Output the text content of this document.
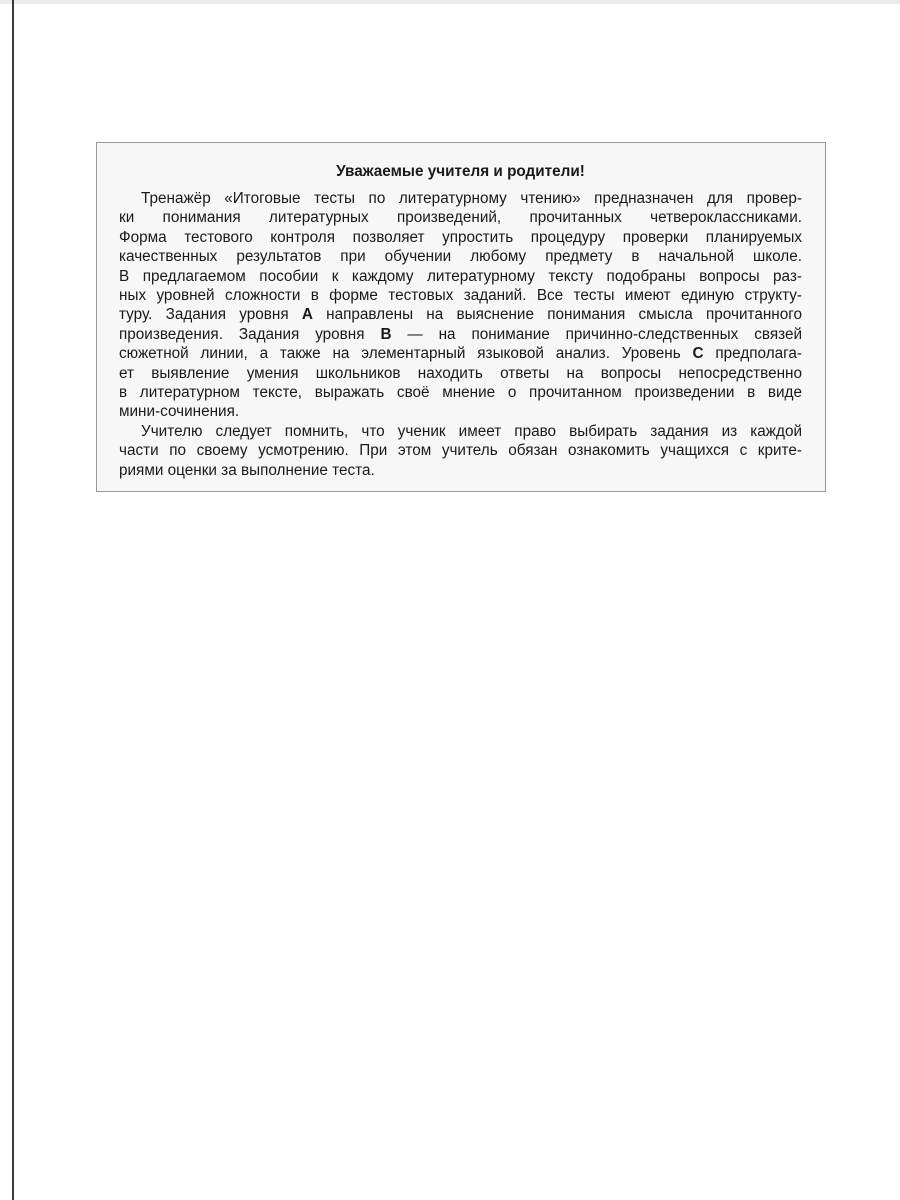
Уважаемые учителя и родители!
Тренажёр «Итоговые тесты по литературному чтению» предназначен для провер-
ки понимания литературных произведений, прочитанных четвероклассниками.
Форма тестового контроля позволяет упростить процедуру проверки планируемых
качественных результатов при обучении любому предмету в начальной школе.
В предлагаемом пособии к каждому литературному тексту подобраны вопросы раз-
ных уровней сложности в форме тестовых заданий. Все тесты имеют единую структу-
туру. Задания уровня A направлены на выяснение понимания смысла прочитанного
произведения. Задания уровня B — на понимание причинно-следственных связей
сюжетной линии, а также на элементарный языковой анализ. Уровень C предполага-
ет выявление умения школьников находить ответы на вопросы непосредственно
в литературном тексте, выражать своё мнение о прочитанном произведении в виде
мини-сочинения.
Учителю следует помнить, что ученик имеет право выбирать задания из каждой
части по своему усмотрению. При этом учитель обязан ознакомить учащихся с крите-
риями оценки за выполнение теста.
